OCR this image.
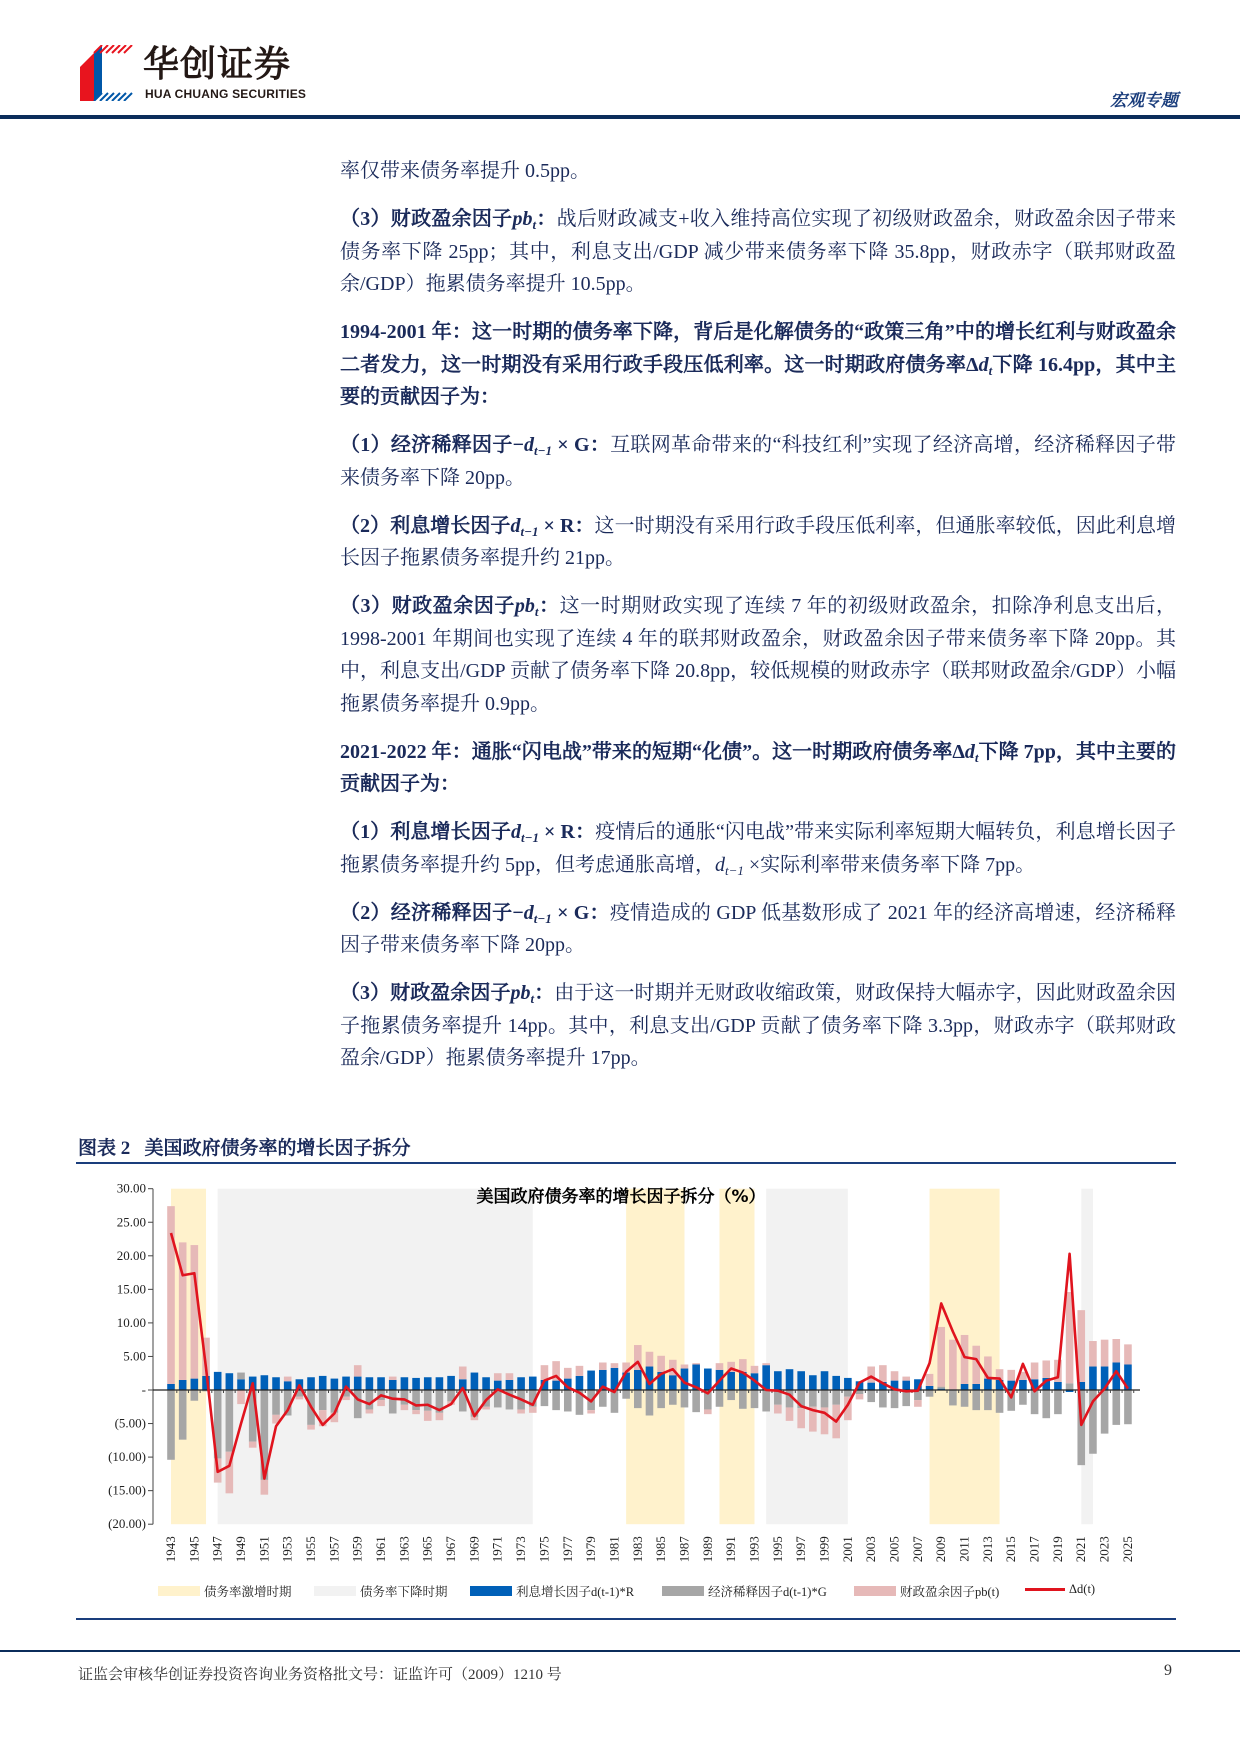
华创证券
HUA CHUANG SECURITIES	宏观专题

率仅带来债务率提升 0.5pp。

（3）财政盈余因子$pb_t$：战后财政减支+收入维持高位实现了初级财政盈余，财政盈余因子带来债务率下降 25pp；其中，利息支出/GDP 减少带来债务率下降 35.8pp，财政赤字（联邦财政盈余/GDP）拖累债务率提升 10.5pp。

1994-2001 年：这一时期的债务率下降，背后是化解债务的“政策三角”中的增长红利与财政盈余二者发力，这一时期没有采用行政手段压低利率。这一时期政府债务率$\Delta d_t$下降 16.4pp，其中主要的贡献因子为：

（1）经济稀释因子$-d_{t-1} \times G$：互联网革命带来的“科技红利”实现了经济高增，经济稀释因子带来债务率下降 20pp。

（2）利息增长因子$d_{t-1} \times R$：这一时期没有采用行政手段压低利率，但通胀率较低，因此利息增长因子拖累债务率提升约 21pp。

（3）财政盈余因子$pb_t$：这一时期财政实现了连续 7 年的初级财政盈余，扣除净利息支出后，1998-2001 年期间也实现了连续 4 年的联邦财政盈余，财政盈余因子带来债务率下降 20pp。其中，利息支出/GDP 贡献了债务率下降 20.8pp，较低规模的财政赤字（联邦财政盈余/GDP）小幅拖累债务率提升 0.9pp。

2021-2022 年：通胀“闪电战”带来的短期“化债”。这一时期政府债务率$\Delta d_t$下降 7pp，其中主要的贡献因子为：

（1）利息增长因子$d_{t-1} \times R$：疫情后的通胀“闪电战”带来实际利率短期大幅转负，利息增长因子拖累债务率提升约 5pp，但考虑通胀高增，$d_{t-1}$ ×实际利率带来债务率下降 7pp。

（2）经济稀释因子$-d_{t-1} \times G$：疫情造成的 GDP 低基数形成了 2021 年的经济高增速，经济稀释因子带来债务率下降 20pp。

（3）财政盈余因子$pb_t$：由于这一时期并无财政收缩政策，财政保持大幅赤字，因此财政盈余因子拖累债务率提升 14pp。其中，利息支出/GDP 贡献了债务率下降 3.3pp，财政赤字（联邦财政盈余/GDP）拖累债务率提升 17pp。

图表 2   美国政府债务率的增长因子拆分
30.00
25.00
20.00
15.00
10.00
5.00
-
(5.00)
(10.00)
(15.00)
(20.00)
1943 1945 1947 1949 1951 1953 1955 1957 1959 1961 1963 1965 1967 1969 1971 1973 1975 1977 1979 1981 1983 1985 1987 1989 1991 1993 1995 1997 1999 2001 2003 2005 2007 2009 2011 2013 2015 2017 2019 2021 2023 2025
美国政府债务率的增长因子拆分（%）
债务率激增时期	债务率下降时期	利息增长因子d(t-1)*R	经济稀释因子d(t-1)*G	财政盈余因子pb(t)	Δd(t)
证监会审核华创证券投资咨询业务资格批文号：证监许可（2009）1210 号	9
